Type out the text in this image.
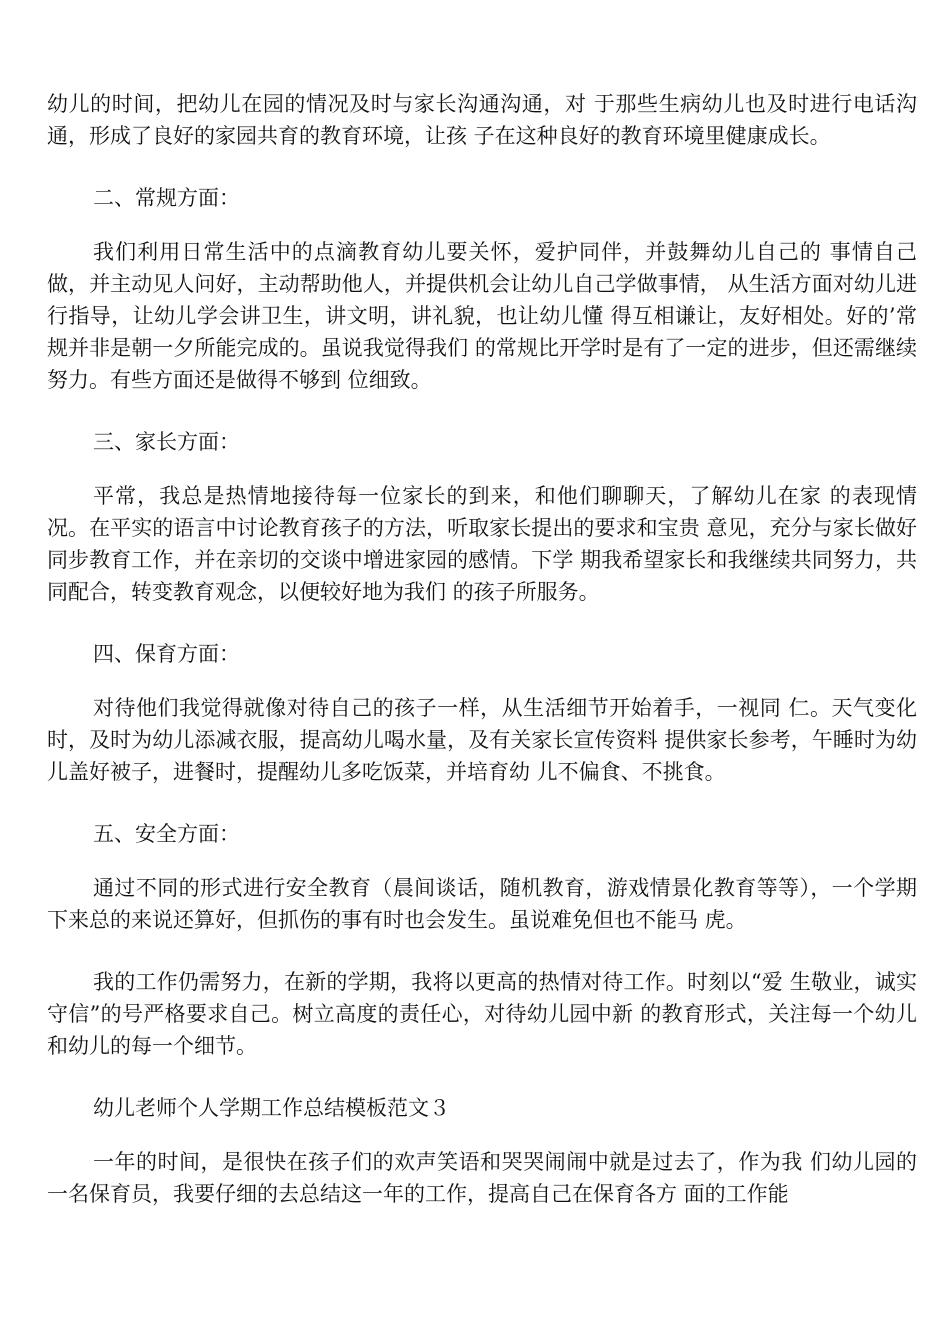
幼儿的时间，把幼儿在园的情况及时与家长沟通沟通，对 于那些生病幼儿也及时进行电话沟通，形成了良好的家园共育的教育环境，让孩 子在这种良好的教育环境里健康成长。

二、常规方面：

我们利用日常生活中的点滴教育幼儿要关怀，爱护同伴，并鼓舞幼儿自己的 事情自己做，并主动见人问好，主动帮助他人，并提供机会让幼儿自己学做事情， 从生活方面对幼儿进行指导，让幼儿学会讲卫生，讲文明，讲礼貌，也让幼儿懂 得互相谦让，友好相处。好的’常规并非是朝一夕所能完成的。虽说我觉得我们 的常规比开学时是有了一定的进步，但还需继续努力。有些方面还是做得不够到 位细致。

三、家长方面：

平常，我总是热情地接待每一位家长的到来，和他们聊聊天，了解幼儿在家 的表现情况。在平实的语言中讨论教育孩子的方法，听取家长提出的要求和宝贵 意见，充分与家长做好同步教育工作，并在亲切的交谈中增进家园的感情。下学 期我希望家长和我继续共同努力，共同配合，转变教育观念，以便较好地为我们 的孩子所服务。

四、保育方面：

对待他们我觉得就像对待自己的孩子一样，从生活细节开始着手，一视同 仁。天气变化时，及时为幼儿添减衣服，提高幼儿喝水量，及有关家长宣传资料 提供家长参考，午睡时为幼儿盖好被子，进餐时，提醒幼儿多吃饭菜，并培育幼 儿不偏食、不挑食。

五、安全方面：

通过不同的形式进行安全教育（晨间谈话，随机教育，游戏情景化教育等等），一个学期下来总的来说还算好，但抓伤的事有时也会发生。虽说难免但也不能马 虎。

我的工作仍需努力，在新的学期，我将以更高的热情对待工作。时刻以“爱 生敬业，诚实守信”的号严格要求自己。树立高度的责任心，对待幼儿园中新 的教育形式，关注每一个幼儿和幼儿的每一个细节。

幼儿老师个人学期工作总结模板范文３

一年的时间，是很快在孩子们的欢声笑语和哭哭闹闹中就是过去了，作为我 们幼儿园的一名保育员，我要仔细的去总结这一年的工作，提高自己在保育各方 面的工作能
